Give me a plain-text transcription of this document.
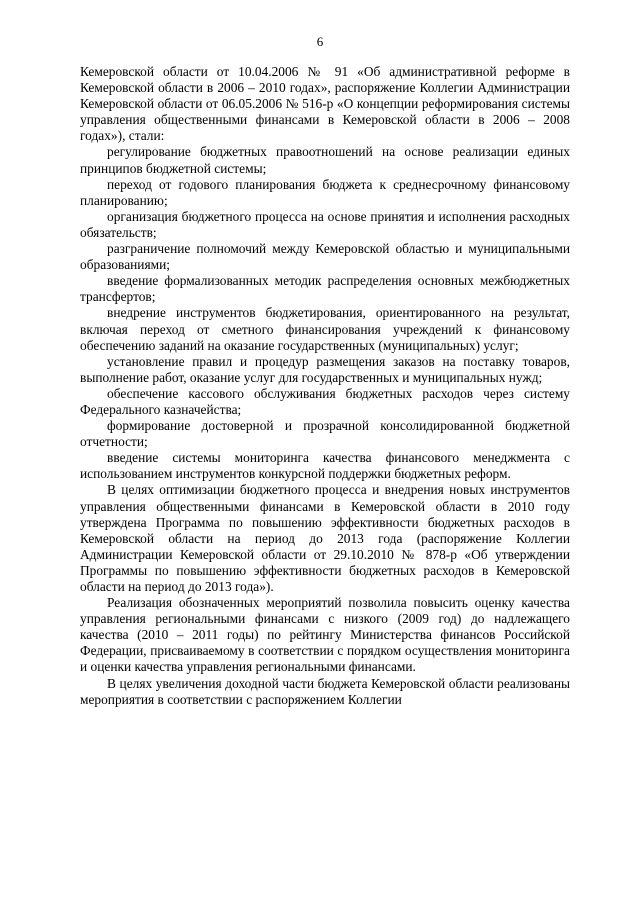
6

Кемеровской области от 10.04.2006 № 91 «Об административной реформе в Кемеровской области в 2006 – 2010 годах», распоряжение Коллегии Администрации Кемеровской области от 06.05.2006 № 516-р «О концепции реформирования системы управления общественными финансами в Кемеровской области в 2006 – 2008 годах»), стали:

регулирование бюджетных правоотношений на основе реализации единых принципов бюджетной системы;

переход от годового планирования бюджета к среднесрочному финансовому планированию;

организация бюджетного процесса на основе принятия и исполнения расходных обязательств;

разграничение полномочий между Кемеровской областью и муниципальными образованиями;

введение формализованных методик распределения основных межбюджетных трансфертов;

внедрение инструментов бюджетирования, ориентированного на результат, включая переход от сметного финансирования учреждений к финансовому обеспечению заданий на оказание государственных (муниципальных) услуг;

установление правил и процедур размещения заказов на поставку товаров, выполнение работ, оказание услуг для государственных и муниципальных нужд;

обеспечение кассового обслуживания бюджетных расходов через систему Федерального казначейства;

формирование достоверной и прозрачной консолидированной бюджетной отчетности;

введение системы мониторинга качества финансового менеджмента с использованием инструментов конкурсной поддержки бюджетных реформ.

В целях оптимизации бюджетного процесса и внедрения новых инструментов управления общественными финансами в Кемеровской области в 2010 году утверждена Программа по повышению эффективности бюджетных расходов в Кемеровской области на период до 2013 года (распоряжение Коллегии Администрации Кемеровской области от 29.10.2010 № 878-р «Об утверждении Программы по повышению эффективности бюджетных расходов в Кемеровской области на период до 2013 года»).

Реализация обозначенных мероприятий позволила повысить оценку качества управления региональными финансами с низкого (2009 год) до надлежащего качества (2010 – 2011 годы) по рейтингу Министерства финансов Российской Федерации, присваиваемому в соответствии с порядком осуществления мониторинга и оценки качества управления региональными финансами.

В целях увеличения доходной части бюджета Кемеровской области реализованы мероприятия в соответствии с распоряжением Коллегии
